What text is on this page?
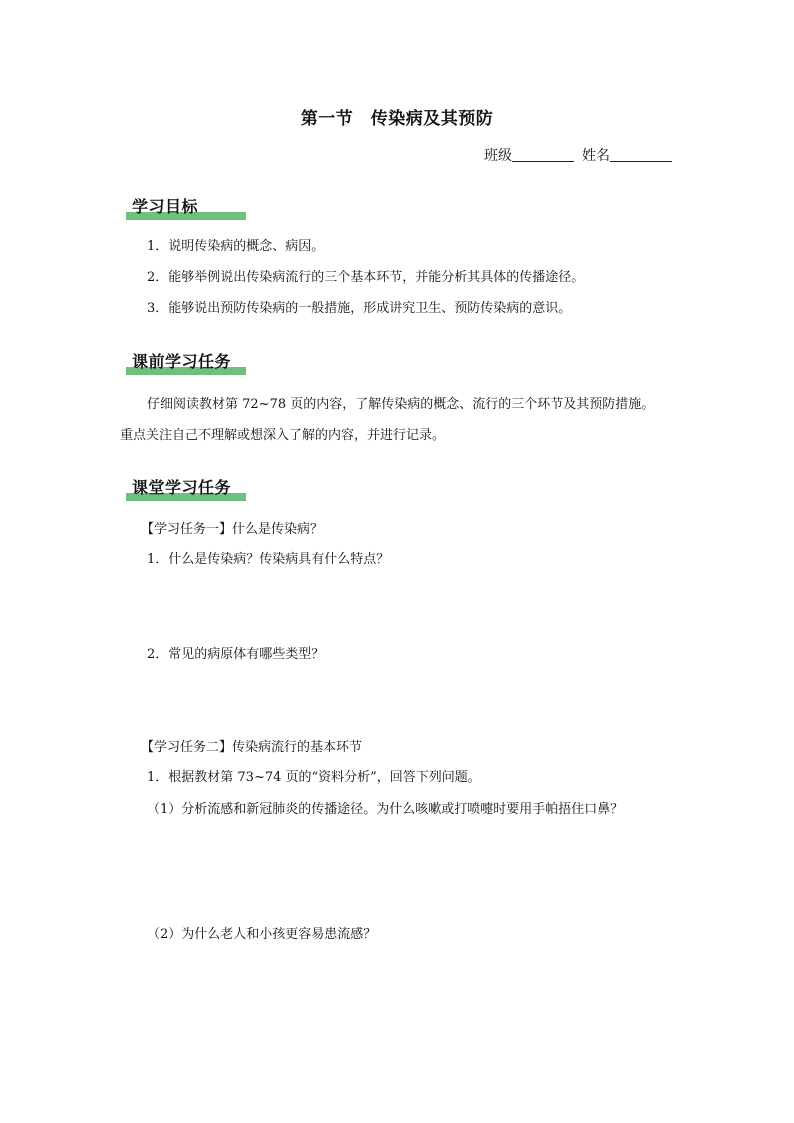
第一节　传染病及其预防
班级	姓名
学习目标
1．说明传染病的概念、病因。
2．能够举例说出传染病流行的三个基本环节，并能分析其具体的传播途径。
3．能够说出预防传染病的一般措施，形成讲究卫生、预防传染病的意识。
课前学习任务
仔细阅读教材第 72~78 页的内容，了解传染病的概念、流行的三个环节及其预防措施。
重点关注自己不理解或想深入了解的内容，并进行记录。
课堂学习任务
【学习任务一】什么是传染病？
1．什么是传染病？传染病具有什么特点？
2．常见的病原体有哪些类型？
【学习任务二】传染病流行的基本环节
1．根据教材第 73~74 页的“资料分析”，回答下列问题。
（1）分析流感和新冠肺炎的传播途径。为什么咳嗽或打喷嚏时要用手帕捂住口鼻？
（2）为什么老人和小孩更容易患流感？
